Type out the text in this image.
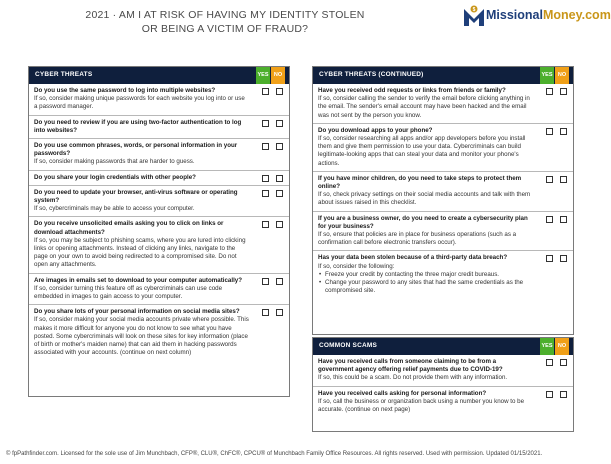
2021 · AM I AT RISK OF HAVING MY IDENTITY STOLEN
OR BEING A VICTIM OF FRAUD?
$ MissionalMoney.com
CYBER THREATS	YES NO
Do you use the same password to log into multiple websites?
If so, consider making unique passwords for each website you log into or use a password manager.
Do you need to review if you are using two-factor authentication to log into websites?
Do you use common phrases, words, or personal information in your passwords?
If so, consider making passwords that are harder to guess.
Do you share your login credentials with other people?
Do you need to update your browser, anti-virus software or operating system?
If so, cybercriminals may be able to access your computer.
Do you receive unsolicited emails asking you to click on links or download attachments?
If so, you may be subject to phishing scams, where you are lured into clicking links or opening attachments. Instead of clicking any links, navigate to the page on your own to avoid being redirected to a compromised site. Do not open any attachments.
Are images in emails set to download to your computer automatically?
If so, consider turning this feature off as cybercriminals can use code embedded in images to gain access to your computer.
Do you share lots of your personal information on social media sites?
If so, consider making your social media accounts private where possible. This makes it more difficult for anyone you do not know to see what you have posted. Some cybercriminals will look on these sites for key information (place of birth or mother's maiden name) that can aid them in hacking passwords associated with your accounts. (continue on next column)
CYBER THREATS (CONTINUED)	YES NO
Have you received odd requests or links from friends or family?
If so, consider calling the sender to verify the email before clicking anything in the email. The sender's email account may have been hacked and the email was not sent by the person you know.
Do you download apps to your phone?
If so, consider researching all apps and/or app developers before you install them and give them permission to use your data. Cybercriminals can build legitimate-looking apps that can steal your data and monitor your phone's actions.
If you have minor children, do you need to take steps to protect them online?
If so, check privacy settings on their social media accounts and talk with them about issues raised in this checklist.
If you are a business owner, do you need to create a cybersecurity plan for your business?
If so, ensure that policies are in place for business operations (such as a confirmation call before electronic transfers occur).
Has your data been stolen because of a third-party data breach?
If so, consider the following:
• Freeze your credit by contacting the three major credit bureaus.
• Change your password to any sites that had the same credentials as the compromised site.
COMMON SCAMS	YES NO
Have you received calls from someone claiming to be from a government agency offering relief payments due to COVID-19?
If so, this could be a scam. Do not provide them with any information.
Have you received calls asking for personal information?
If so, call the business or organization back using a number you know to be accurate. (continue on next page)
© fpPathfinder.com. Licensed for the sole use of Jim Munchbach, CFP®, CLU®, ChFC®, CPCU® of Munchbach Family Office Resources. All rights reserved. Used with permission. Updated 01/15/2021.
